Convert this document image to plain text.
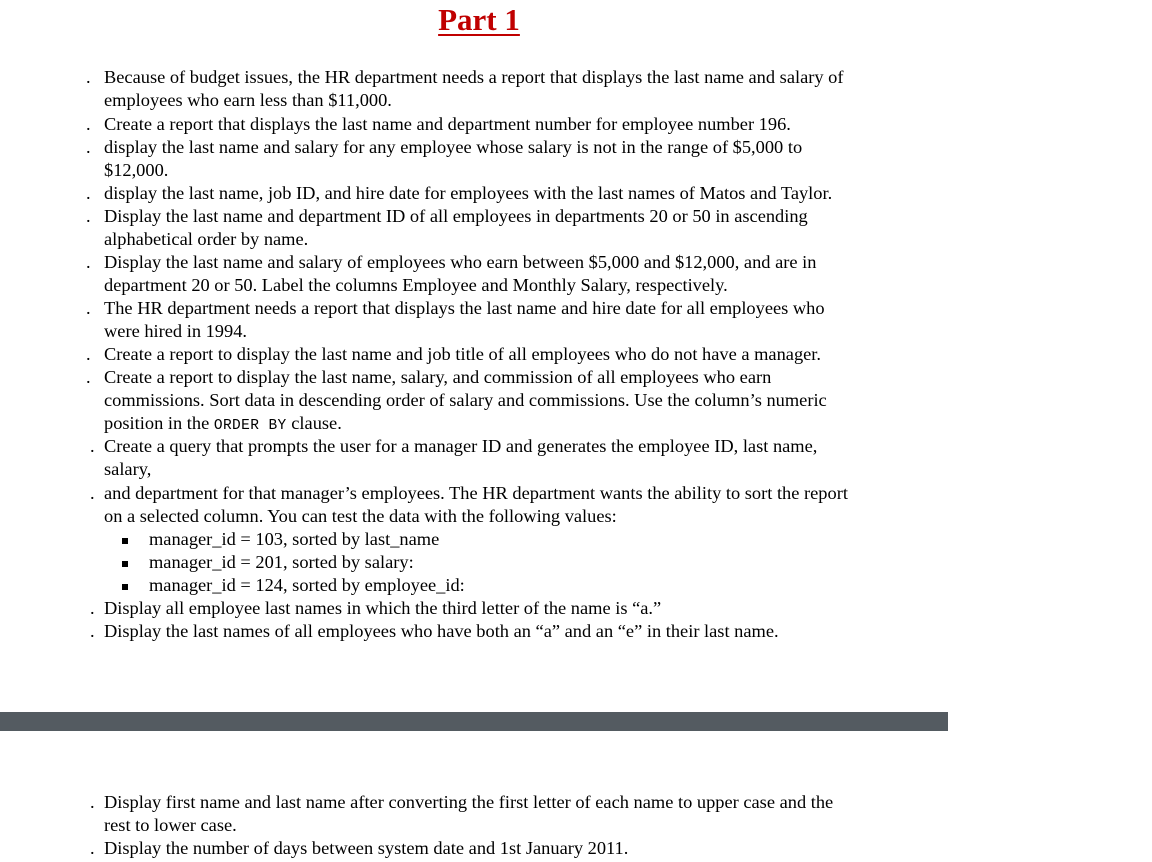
Part 1
. Because of budget issues, the HR department needs a report that displays the last name and salary of
employees who earn less than $11,000.
. Create a report that displays the last name and department number for employee number 196.
. display the last name and salary for any employee whose salary is not in the range of $5,000 to
$12,000.
. display the last name, job ID, and hire date for employees with the last names of Matos and Taylor.
. Display the last name and department ID of all employees in departments 20 or 50 in ascending
alphabetical order by name.
. Display the last name and salary of employees who earn between $5,000 and $12,000, and are in
department 20 or 50. Label the columns Employee and Monthly Salary, respectively.
. The HR department needs a report that displays the last name and hire date for all employees who
were hired in 1994.
. Create a report to display the last name and job title of all employees who do not have a manager.
. Create a report to display the last name, salary, and commission of all employees who earn
commissions. Sort data in descending order of salary and commissions. Use the column’s numeric
position in the ORDER BY clause.
. Create a query that prompts the user for a manager ID and generates the employee ID, last name,
salary,
. and department for that manager’s employees. The HR department wants the ability to sort the report
on a selected column. You can test the data with the following values:
manager_id = 103, sorted by last_name
manager_id = 201, sorted by salary:
manager_id = 124, sorted by employee_id:
. Display all employee last names in which the third letter of the name is “a.”
. Display the last names of all employees who have both an “a” and an “e” in their last name.
. Display first name and last name after converting the first letter of each name to upper case and the
rest to lower case.
. Display the number of days between system date and 1st January 2011.
